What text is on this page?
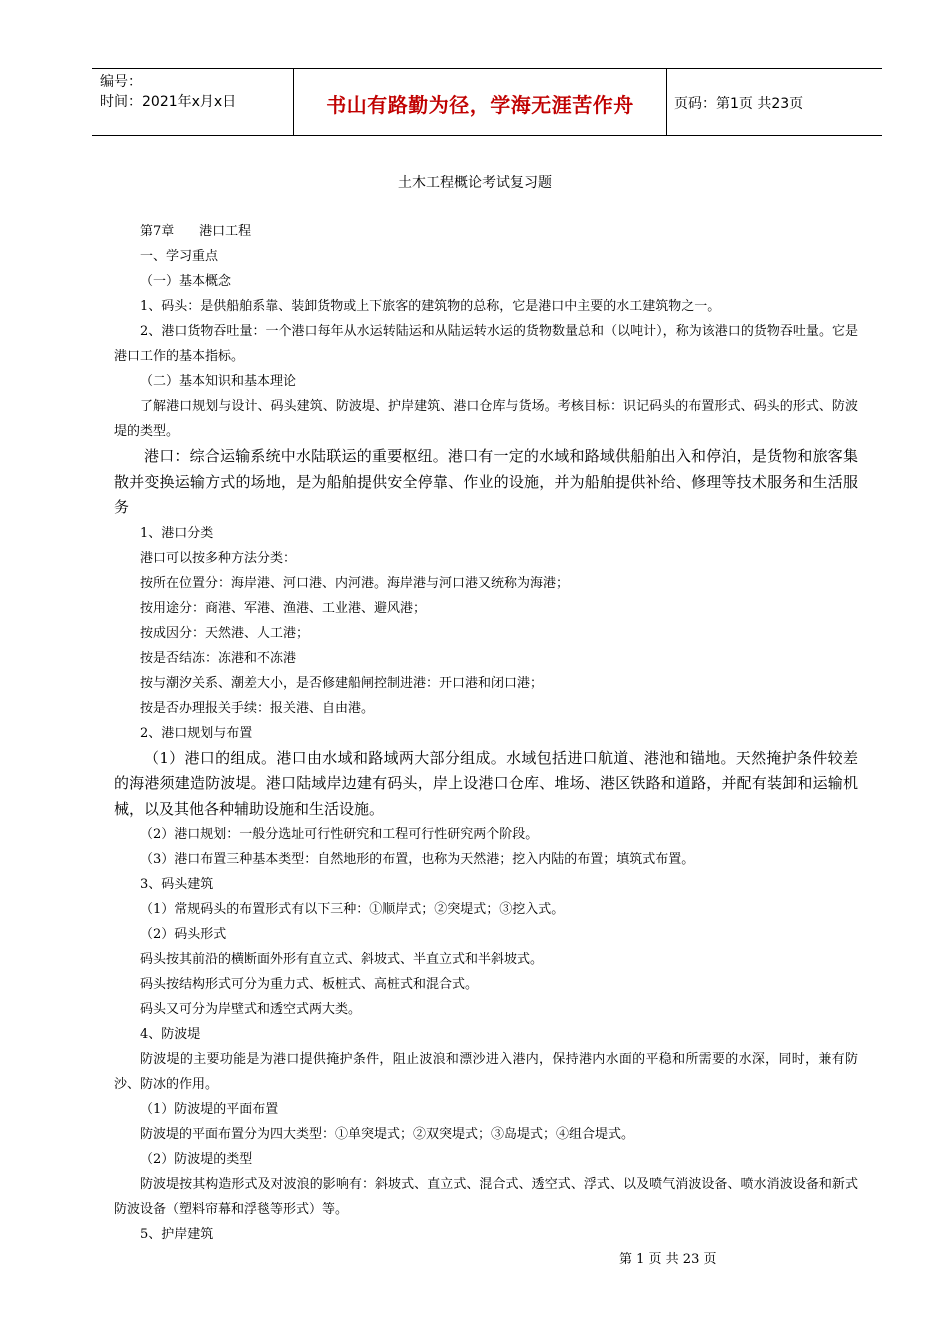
编号：
时间：2021年x月x日	书山有路勤为径，学海无涯苦作舟	页码：第1页 共23页
土木工程概论考试复习题

第7章      港口工程

一、学习重点

（一）基本概念

1、码头：是供船舶系靠、装卸货物或上下旅客的建筑物的总称，它是港口中主要的水工建筑物之一。

2、港口货物吞吐量：一个港口每年从水运转陆运和从陆运转水运的货物数量总和（以吨计），称为该港口的货物吞吐量。它是港口工作的基本指标。

（二）基本知识和基本理论

了解港口规划与设计、码头建筑、防波堤、护岸建筑、港口仓库与货场。考核目标：识记码头的布置形式、码头的形式、防波堤的类型。

港口：综合运输系统中水陆联运的重要枢纽。港口有一定的水域和路域供船舶出入和停泊，是货物和旅客集散并变换运输方式的场地，是为船舶提供安全停靠、作业的设施，并为船舶提供补给、修理等技术服务和生活服务

1、港口分类

港口可以按多种方法分类：

按所在位置分：海岸港、河口港、内河港。海岸港与河口港又统称为海港；

按用途分：商港、军港、渔港、工业港、避风港；

按成因分：天然港、人工港；

按是否结冻：冻港和不冻港

按与潮汐关系、潮差大小，是否修建船闸控制进港：开口港和闭口港；

按是否办理报关手续：报关港、自由港。

2、港口规划与布置

（1）港口的组成。港口由水域和路域两大部分组成。水域包括进口航道、港池和锚地。天然掩护条件较差的海港须建造防波堤。港口陆域岸边建有码头，岸上设港口仓库、堆场、港区铁路和道路，并配有装卸和运输机械，以及其他各种辅助设施和生活设施。

（2）港口规划：一般分选址可行性研究和工程可行性研究两个阶段。

（3）港口布置三种基本类型：自然地形的布置，也称为天然港；挖入内陆的布置；填筑式布置。

3、码头建筑

（1）常规码头的布置形式有以下三种：①顺岸式；②突堤式；③挖入式。

（2）码头形式

码头按其前沿的横断面外形有直立式、斜坡式、半直立式和半斜坡式。

码头按结构形式可分为重力式、板桩式、高桩式和混合式。

码头又可分为岸壁式和透空式两大类。

4、防波堤

防波堤的主要功能是为港口提供掩护条件，阻止波浪和漂沙进入港内，保持港内水面的平稳和所需要的水深，同时，兼有防沙、防冰的作用。

（1）防波堤的平面布置

防波堤的平面布置分为四大类型：①单突堤式；②双突堤式；③岛堤式；④组合堤式。

（2）防波堤的类型

防波堤按其构造形式及对波浪的影响有：斜坡式、直立式、混合式、透空式、浮式、以及喷气消波设备、喷水消波设备和新式防波设备（塑料帘幕和浮毯等形式）等。

5、护岸建筑

第 1 页 共 23 页
